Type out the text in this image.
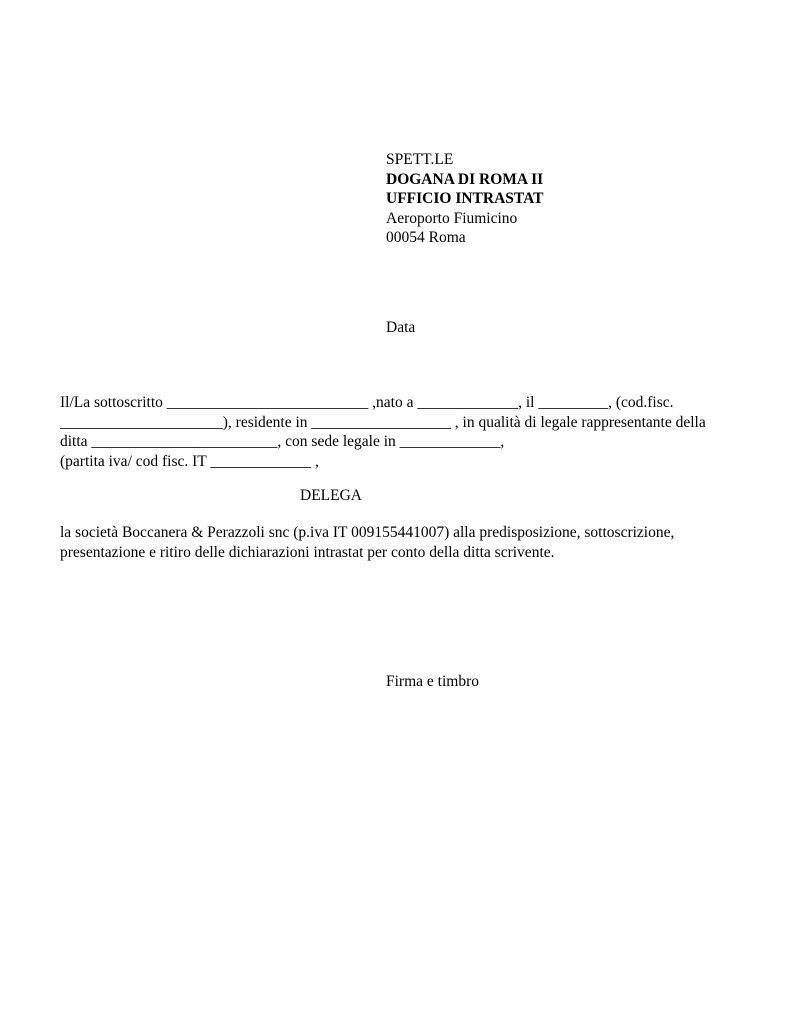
SPETT.LE
DOGANA DI ROMA II
UFFICIO INTRASTAT
Aeroporto Fiumicino
00054 Roma
Data
Il/La sottoscritto __________________________ ,nato a _____________, il _________, (cod.fisc.
_____________________), residente in __________________ , in qualità di legale rappresentante della
ditta ________________________, con sede legale in _____________,
(partita iva/ cod fisc. IT _____________ ,
DELEGA
la società Boccanera & Perazzoli snc (p.iva IT 009155441007) alla predisposizione, sottoscrizione,
presentazione e ritiro delle dichiarazioni intrastat per conto della ditta scrivente.
Firma e timbro
